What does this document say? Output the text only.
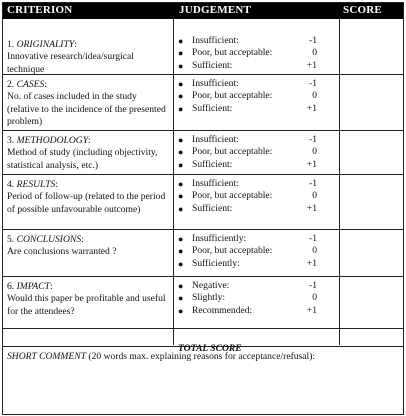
CRITERION	JUDGEMENT	SCORE
1. ORIGINALITY:
Innovative research/idea/surgical technique
● Insufficient:	-1
● Poor, but acceptable:	0
● Sufficient:	+1
2. CASES:
No. of cases included in the study (relative to the incidence of the presented problem)
● Insufficient:	-1
● Poor, but acceptable:	0
● Sufficient:	+1
3. METHODOLOGY:
Method of study (including objectivity, statistical analysis, etc.)
● Insufficient:	-1
● Poor, but acceptable:	0
● Sufficient:	+1
4. RESULTS:
Period of follow-up (related to the period of possible unfavourable outcome)
● Insufficient:	-1
● Poor, but acceptable:	0
● Sufficient:	+1
5. CONCLUSIONS:
Are conclusions warranted ?
● Insufficiently:	-1
● Poor, but acceptable:	0
● Sufficiently:	+1
6. IMPACT:
Would this paper be profitable and useful for the attendees?
● Negative:	-1
● Slightly:	0
● Recommended:	+1
TOTAL SCORE
SHORT COMMENT (20 words max. explaining reasons for acceptance/refusal):
